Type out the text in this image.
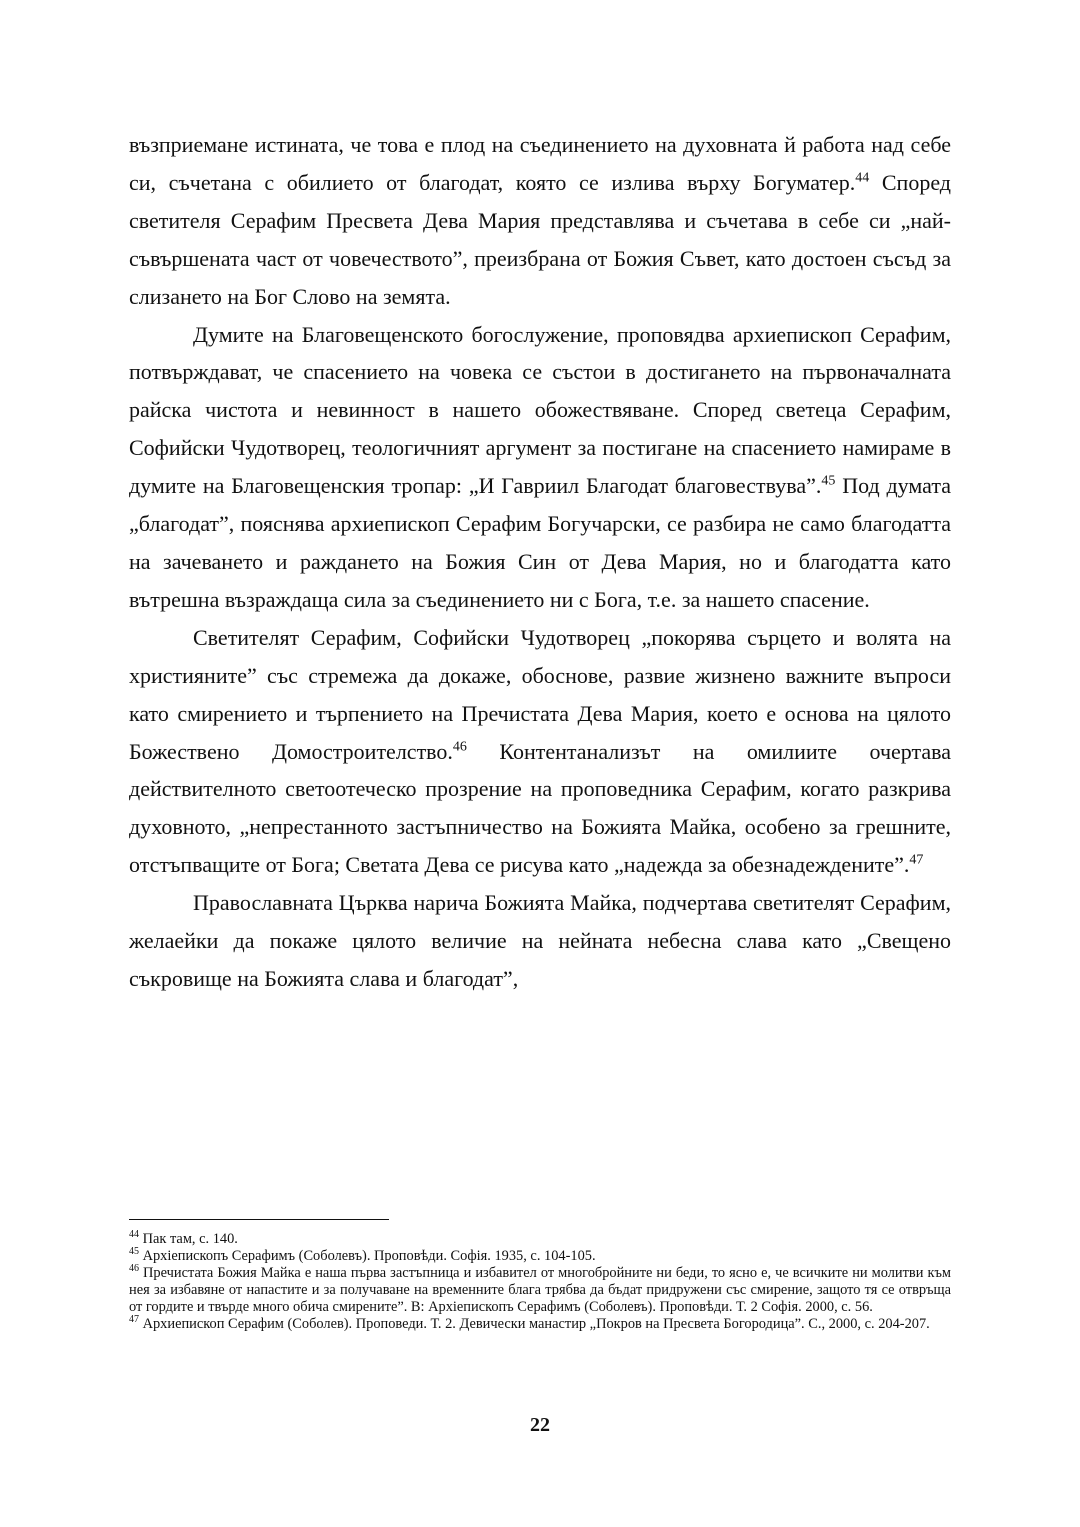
възприемане истината, че това е плод на съединението на духовната й работа над себе си, съчетана с обилието от благодат, която се излива върху Богуматер.$^{44}$ Според светителя Серафим Пресвета Дева Мария представлява и съчетава в себе си „най-съвършената част от човечеството”, преизбрана от Божия Съвет, като достоен съсъд за слизането на Бог Слово на земята.

Думите на Благовещенското богослужение, проповядва архиепископ Серафим, потвърждават, че спасението на човека се състои в достигането на първоначалната райска чистота и невинност в нашето обожествяване. Според светеца Серафим, Софийски Чудотворец, теологичният аргумент за постигане на спасението намираме в думите на Благовещенския тропар: „И Гавриил Благодат благовествува”.$^{45}$ Под думата „благодат”, пояснява архиепископ Серафим Богучарски, се разбира не само благодатта на зачеването и раждането на Божия Син от Дева Мария, но и благодатта като вътрешна възраждаща сила за съединението ни с Бога, т.е. за нашето спасение.

Светителят Серафим, Софийски Чудотворец „покорява сърцето и волята на християните” със стремежа да докаже, обоснове, развие жизнено важните въпроси като смирението и търпението на Пречистата Дева Мария, което е основа на цялото Божествено Домостроителство.$^{46}$ Контентанализът на омилиите очертава действителното светоотеческо прозрение на проповедника Серафим, когато разкрива духовното, „непрестанното застъпничество на Божията Майка, особено за грешните, отстъпващите от Бога; Светата Дева се рисува като „надежда за обезнадеждените”.$^{47}$

Православната Църква нарича Божията Майка, подчертава светителят Серафим, желаейки да покаже цялото величие на нейната небесна слава като „Свещено съкровище на Божията слава и благодат”,

$^{44}$ Пак там, с. 140.

$^{45}$ Архіепископъ Серафимъ (Соболевъ). Проповѣди. Софія. 1935, с. 104-105.

$^{46}$ Пречистата Божия Майка е наша първа застъпница и избавител от многобройните ни беди, то ясно е, че всичките ни молитви към нея за избавяне от напастите и за получаване на временните блага трябва да бъдат придружени със смирение, защото тя се отвръща от гордите и твърде много обича смирените”. В: Архіепископъ Серафимъ (Соболевъ). Проповѣди. Т. 2 Софія. 2000, с. 56.

$^{47}$ Архиепископ Серафим (Соболев). Проповеди. Т. 2. Девически манастир „Покров на Пресвета Богородица”. С., 2000, с. 204-207.

22
